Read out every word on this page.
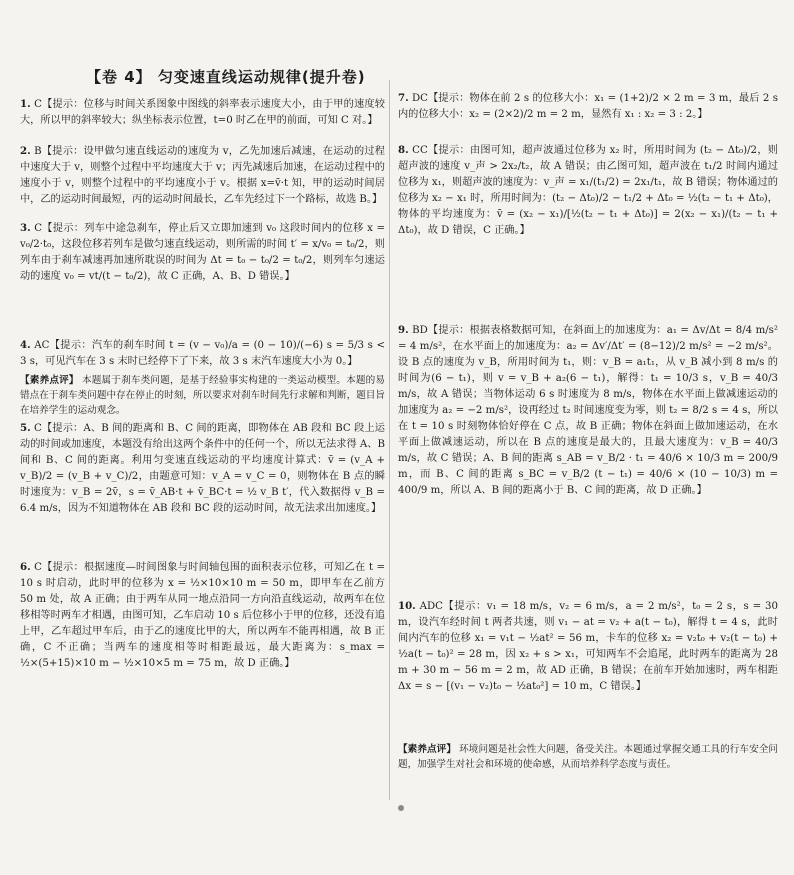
【卷 4】 匀变速直线运动规律(提升卷)

1. C【提示：位移与时间关系图象中图线的斜率表示速度大小，由于甲的速度较大，所以甲的斜率较大；纵坐标表示位置，t=0 时乙在甲的前面，可知 C 对。】

2. B【提示：设甲做匀速直线运动的速度为 v，乙先加速后减速，在运动的过程中速度大于 v，则整个过程中平均速度大于 v；丙先减速后加速，在运动过程中的速度小于 v，则整个过程中的平均速度小于 v。根据 x=v̄·t 知，甲的运动时间居中，乙的运动时间最短，丙的运动时间最长，乙车先经过下一个路标，故选 B。】

3. C【提示：列车中途急刹车，停止后又立即加速到 v₀ 这段时间内的位移 x = v₀/2·t₀，这段位移若列车是做匀速直线运动，则所需的时间 t′ = x/v₀ = t₀/2，则列车由于刹车减速再加速所耽误的时间为 Δt = t₀ − t₀/2 = t₀/2，则列车匀速运动的速度 v₀ = vt/(t − t₀/2)，故 C 正确，A、B、D 错误。】

4. AC【提示：汽车的刹车时间 t = (v − v₀)/a = (0 − 10)/(−6) s = 5/3 s < 3 s，可见汽车在 3 s 末时已经停下了下来，故 3 s 末汽车速度大小为 0。】

【素养点评】 本题属于刹车类问题，是基于经验事实构建的一类运动模型。本题的易错点在于刹车类问题中存在停止的时刻，所以要求对刹车时间先行求解和判断，题目旨在培养学生的运动观念。

5. C【提示：A、B 间的距离和 B、C 间的距离，即物体在 AB 段和 BC 段上运动的时间或加速度，本题没有给出这两个条件中的任何一个，所以无法求得 A、B 间和 B、C 间的距离。利用匀变速直线运动的平均速度计算式：v̄ = (v_A + v_B)/2 = (v_B + v_C)/2，由题意可知：v_A = v_C = 0，则物体在 B 点的瞬时速度为：v_B = 2v̄，s = v̄_AB·t + v̄_BC·t = ½ v_B t′，代入数据得 v_B = 6.4 m/s，因为不知道物体在 AB 段和 BC 段的运动时间，故无法求出加速度。】

6. C【提示：根据速度—时间图象与时间轴包围的面积表示位移，可知乙在 t = 10 s 时启动，此时甲的位移为 x = ½×10×10 m = 50 m，即甲车在乙前方 50 m 处，故 A 正确；由于两车从同一地点沿同一方向沿直线运动，故两车在位移相等时两车才相遇，由图可知，乙车启动 10 s 后位移小于甲的位移，还没有追上甲，乙车超过甲车后，由于乙的速度比甲的大，所以两车不能再相遇，故 B 正确，C 不正确；当两车的速度相等时相距最远，最大距离为：s_max = ½×(5+15)×10 m − ½×10×5 m = 75 m，故 D 正确。】

7. DC【提示：物体在前 2 s 的位移大小：x₁ = (1+2)/2 × 2 m = 3 m，最后 2 s 内的位移大小：x₂ = (2×2)/2 m = 2 m，显然有 x₁ : x₂ = 3 : 2。】

8. CC【提示：由图可知，超声波通过位移为 x₂ 时，所用时间为 (t₂ − Δt₀)/2，则超声波的速度 v_声 > 2x₂/t₂，故 A 错误；由乙图可知，超声波在 t₁/2 时间内通过位移为 x₁，则超声波的速度为：v_声 = x₁/(t₁/2) = 2x₁/t₁，故 B 错误；物体通过的位移为 x₂ − x₁ 时，所用时间为：(t₂ − Δt₀)/2 − t₁/2 + Δt₀ = ½(t₂ − t₁ + Δt₀)，物体的平均速度为：v̄ = (x₂ − x₁)/[½(t₂ − t₁ + Δt₀)] = 2(x₂ − x₁)/(t₂ − t₁ + Δt₀)，故 D 错误，C 正确。】

9. BD【提示：根据表格数据可知，在斜面上的加速度为：a₁ = Δv/Δt = 8/4 m/s² = 4 m/s²，在水平面上的加速度为：a₂ = Δv′/Δt′ = (8−12)/2 m/s² = −2 m/s²。设 B 点的速度为 v_B，所用时间为 t₁，则：v_B = a₁t₁，从 v_B 减小到 8 m/s 的时间为(6 − t₁)，则 v = v_B + a₂(6 − t₁)，解得：t₁ = 10/3 s，v_B = 40/3 m/s，故 A 错误；当物体运动 6 s 时速度为 8 m/s，物体在水平面上做减速运动的加速度为 a₂ = −2 m/s²，设再经过 t₂ 时间速度变为零，则 t₂ = 8/2 s = 4 s，所以在 t = 10 s 时刻物体恰好停在 C 点，故 B 正确；物体在斜面上做加速运动，在水平面上做减速运动，所以在 B 点的速度是最大的，且最大速度为：v_B = 40/3 m/s，故 C 错误；A、B 间的距离 s_AB = v_B/2 · t₁ = 40/6 × 10/3 m = 200/9 m，而 B、C 间的距离 s_BC = v_B/2 (t − t₁) = 40/6 × (10 − 10/3) m = 400/9 m，所以 A、B 间的距离小于 B、C 间的距离，故 D 正确。】

10. ADC【提示：v₁ = 18 m/s，v₂ = 6 m/s，a = 2 m/s²，t₀ = 2 s，s = 30 m，设汽车经时间 t 两者共速，则 v₁ − at = v₂ + a(t − t₀)，解得 t = 4 s，此时间内汽车的位移 x₁ = v₁t − ½at² = 56 m，卡车的位移 x₂ = v₂t₀ + v₂(t − t₀) + ½a(t − t₀)² = 28 m，因 x₂ + s > x₁，可知两车不会追尾，此时两车的距离为 28 m + 30 m − 56 m = 2 m，故 AD 正确，B 错误；在前车开始加速时，两车相距 Δx = s − [(v₁ − v₂)t₀ − ½at₀²] = 10 m，C 错误。】

【素养点评】 环境问题是社会性大问题，备受关注。本题通过掌握交通工具的行车安全问题，加强学生对社会和环境的使命感，从而培养科学态度与责任。
